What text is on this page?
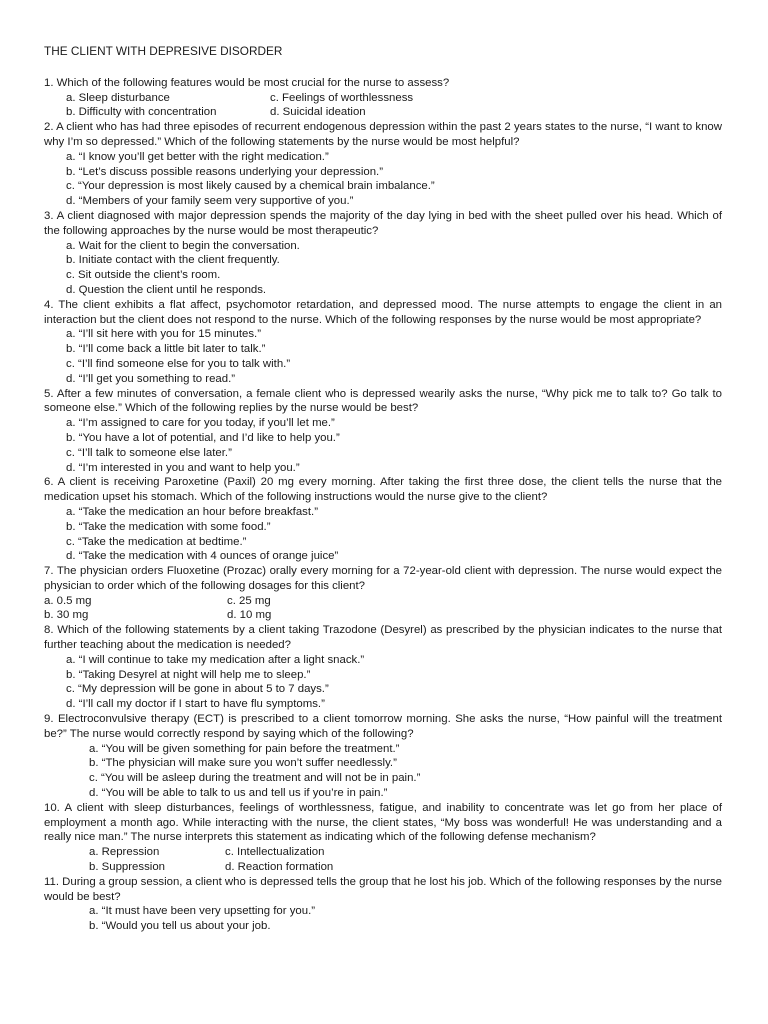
THE CLIENT WITH DEPRESIVE DISORDER

1. Which of the following features would be most crucial for the nurse to assess?

a. Sleep disturbance	c. Feelings of worthlessness

b. Difficulty with concentration	d. Suicidal ideation

2. A client who has had three episodes of recurrent endogenous depression within the past 2 years states to the nurse, “I want to know why I’m so depressed.” Which of the following statements by the nurse would be most helpful?

a. “I know you’ll get better with the right medication.”

b. “Let’s discuss possible reasons underlying your depression.”

c. “Your depression is most likely caused by a chemical brain imbalance.”

d. “Members of your family seem very supportive of you.”

3. A client diagnosed with major depression spends the majority of the day lying in bed with the sheet pulled over his head. Which of the following approaches by the nurse would be most therapeutic?

a. Wait for the client to begin the conversation.

b. Initiate contact with the client frequently.

c. Sit outside the client’s room.

d. Question the client until he responds.

4. The client exhibits a flat affect, psychomotor retardation, and depressed mood. The nurse attempts to engage the client in an interaction but the client does not respond to the nurse. Which of the following responses by the nurse would be most appropriate?

a. “I’ll sit here with you for 15 minutes.”

b. “I’ll come back a little bit later to talk.”

c. “I’ll find someone else for you to talk with.”

d. “I’ll get you something to read.”

5. After a few minutes of conversation, a female client who is depressed wearily asks the nurse, “Why pick me to talk to? Go talk to someone else.” Which of the following replies by the nurse would be best?

a. “I’m assigned to care for you today, if you’ll let me.”

b. “You have a lot of potential, and I’d like to help you.”

c. “I’ll talk to someone else later.”

d. “I’m interested in you and want to help you.”

6. A client is receiving Paroxetine (Paxil) 20 mg every morning. After taking the first three dose, the client tells the nurse that the medication upset his stomach. Which of the following instructions would the nurse give to the client?

a. “Take the medication an hour before breakfast.”

b. “Take the medication with some food.”

c. “Take the medication at bedtime.”

d. “Take the medication with 4 ounces of orange juice”

7. The physician orders Fluoxetine (Prozac) orally every morning for a 72-year-old client with depression. The nurse would expect the physician to order which of the following dosages for this client?

a. 0.5 mg	c. 25 mg

b. 30 mg	d. 10 mg

8. Which of the following statements by a client taking Trazodone (Desyrel) as prescribed by the physician indicates to the nurse that further teaching about the medication is needed?

a. “I will continue to take my medication after a light snack.”

b. “Taking Desyrel at night will help me to sleep.”

c. “My depression will be gone in about 5 to 7 days.”

d. “I’ll call my doctor if I start to have flu symptoms.”

9. Electroconvulsive therapy (ECT) is prescribed to a client tomorrow morning. She asks the nurse, “How painful will the treatment be?” The nurse would correctly respond by saying which of the following?

a. “You will be given something for pain before the treatment.”

b. “The physician will make sure you won’t suffer needlessly.”

c. “You will be asleep during the treatment and will not be in pain.”

d. “You will be able to talk to us and tell us if you’re in pain.”

10. A client with sleep disturbances, feelings of worthlessness, fatigue, and inability to concentrate was let go from her place of employment a month ago. While interacting with the nurse, the client states, “My boss was wonderful! He was understanding and a really nice man.” The nurse interprets this statement as indicating which of the following defense mechanism?

a. Repression	c. Intellectualization

b. Suppression	d. Reaction formation

11. During a group session, a client who is depressed tells the group that he lost his job. Which of the following responses by the nurse would be best?

a. “It must have been very upsetting for you.”

b. “Would you tell us about your job.
